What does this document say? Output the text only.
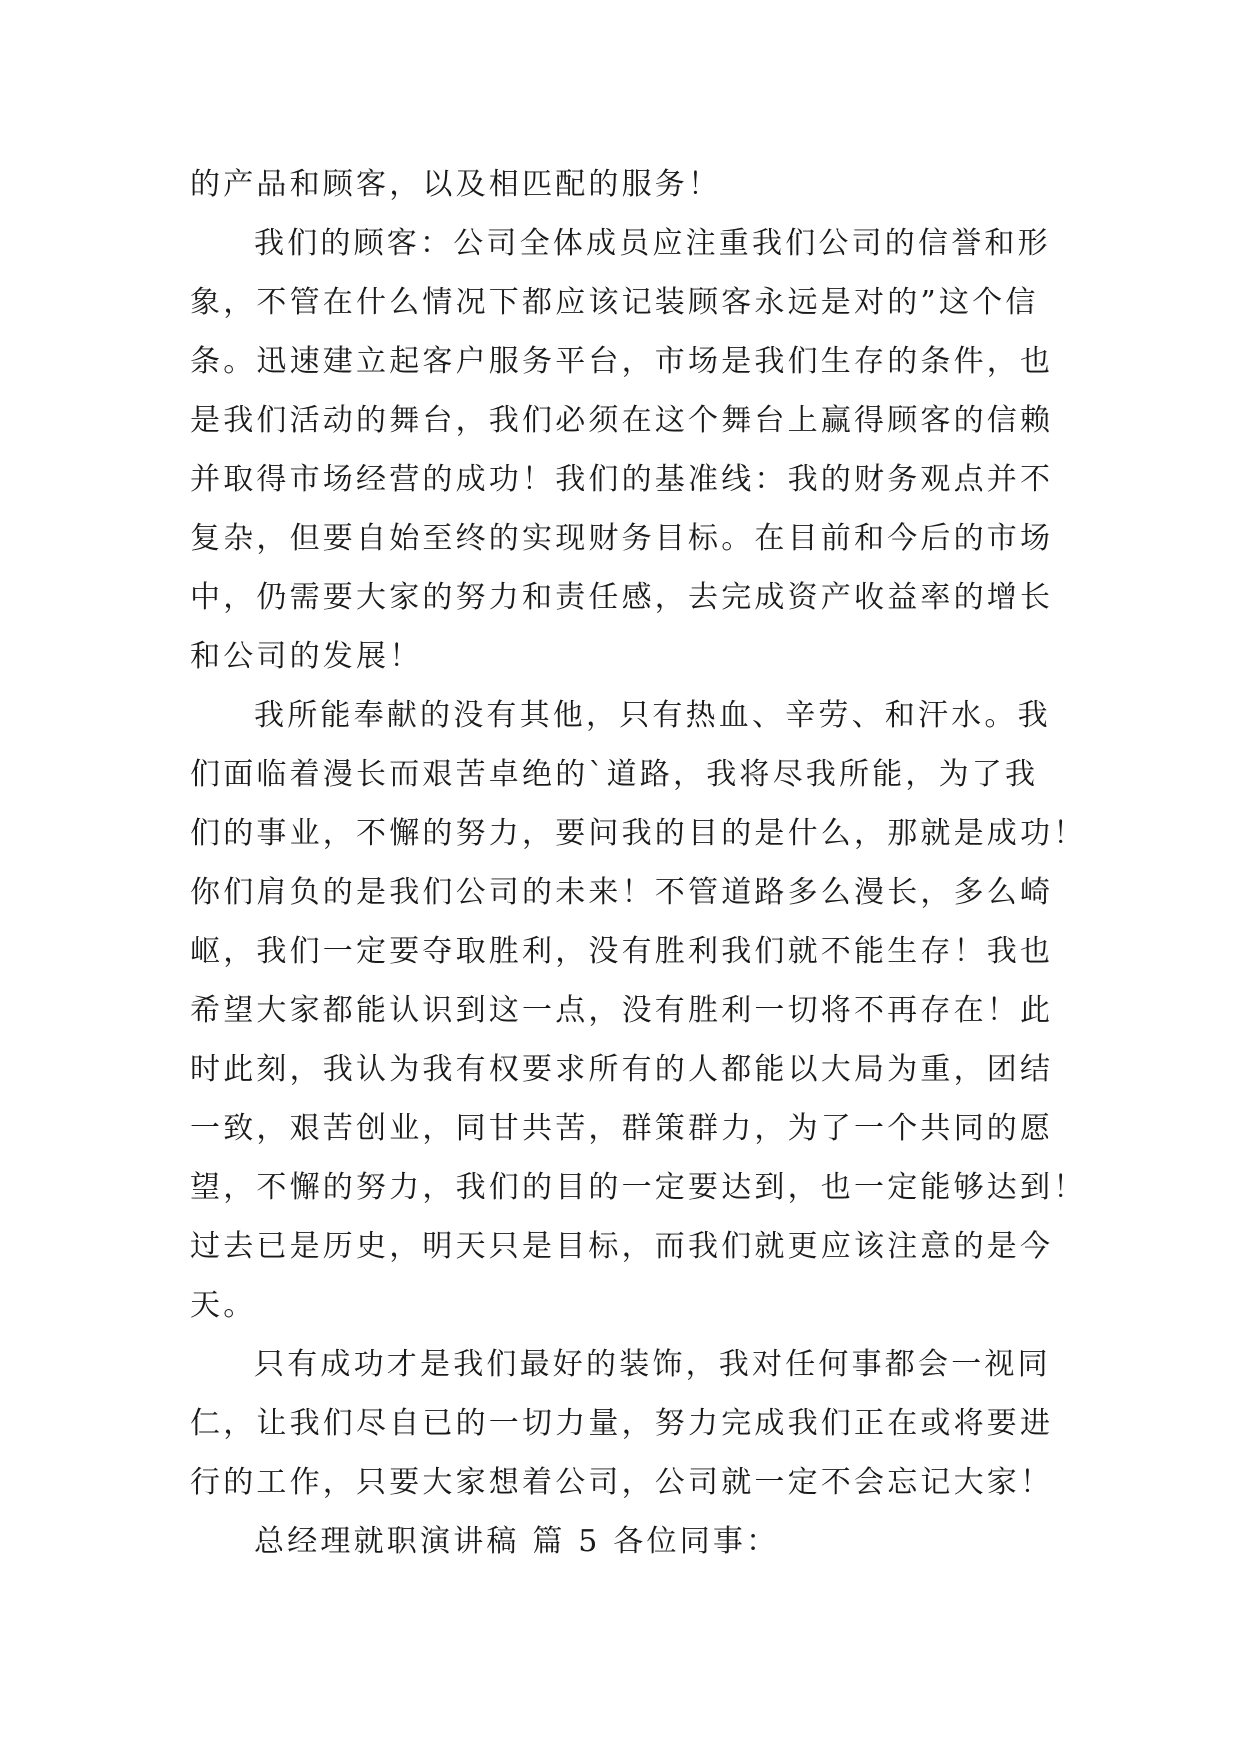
的产品和顾客，以及相匹配的服务！
我们的顾客：公司全体成员应注重我们公司的信誉和形
象，不管在什么情况下都应该记装顾客永远是对的”这个信
条。迅速建立起客户服务平台，市场是我们生存的条件，也
是我们活动的舞台，我们必须在这个舞台上赢得顾客的信赖
并取得市场经营的成功！我们的基准线：我的财务观点并不
复杂，但要自始至终的实现财务目标。在目前和今后的市场
中，仍需要大家的努力和责任感，去完成资产收益率的增长
和公司的发展！
我所能奉献的没有其他，只有热血、辛劳、和汗水。我
们面临着漫长而艰苦卓绝的`道路，我将尽我所能，为了我
们的事业，不懈的努力，要问我的目的是什么，那就是成功！
你们肩负的是我们公司的未来！不管道路多么漫长，多么崎
岖，我们一定要夺取胜利，没有胜利我们就不能生存！我也
希望大家都能认识到这一点，没有胜利一切将不再存在！此
时此刻，我认为我有权要求所有的人都能以大局为重，团结
一致，艰苦创业，同甘共苦，群策群力，为了一个共同的愿
望，不懈的努力，我们的目的一定要达到，也一定能够达到！
过去已是历史，明天只是目标，而我们就更应该注意的是今
天。
只有成功才是我们最好的装饰，我对任何事都会一视同
仁，让我们尽自已的一切力量，努力完成我们正在或将要进
行的工作，只要大家想着公司，公司就一定不会忘记大家！
总经理就职演讲稿 篇 5 各位同事：
